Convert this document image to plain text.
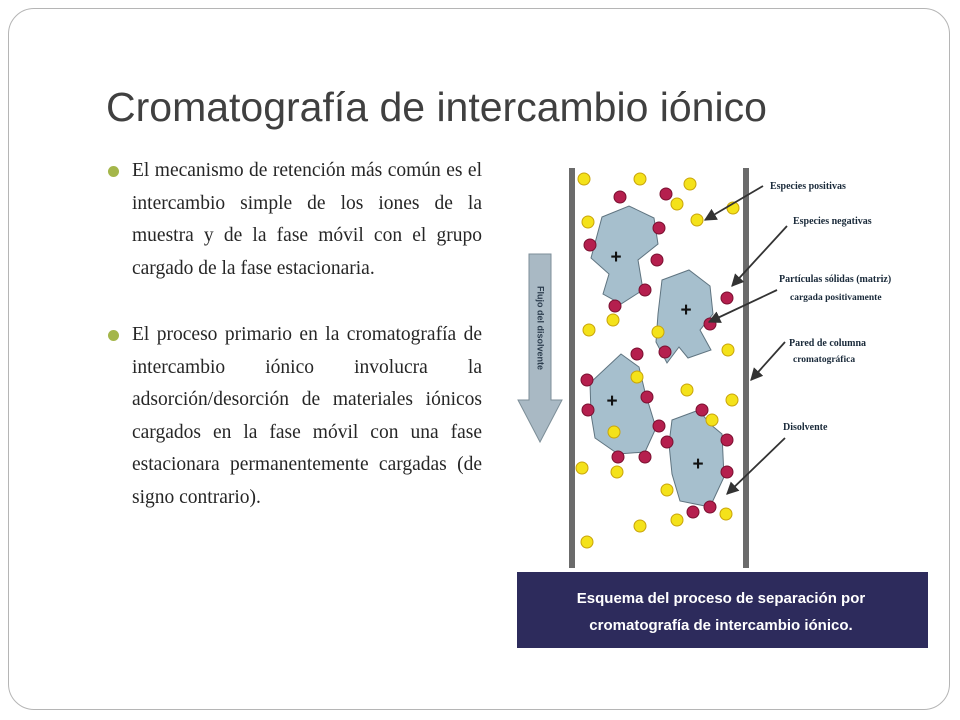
Cromatografía de intercambio iónico
El mecanismo de retención más común es el intercambio simple de los iones de la muestra y de la fase móvil con el grupo cargado de la fase estacionaria.
El proceso primario en la cromatografía de intercambio iónico involucra la adsorción/desorción de materiales iónicos cargados en la fase móvil con una fase estacionara permanentemente cargadas (de signo contrario).
Flujo del disolvente
+
+
+
+
Especies positivas
Especies negativas
Partículas sólidas (matriz)
cargada positivamente
Pared de columna
cromatográfica
Disolvente
Esquema del proceso de separación por
cromatografía de intercambio iónico.
